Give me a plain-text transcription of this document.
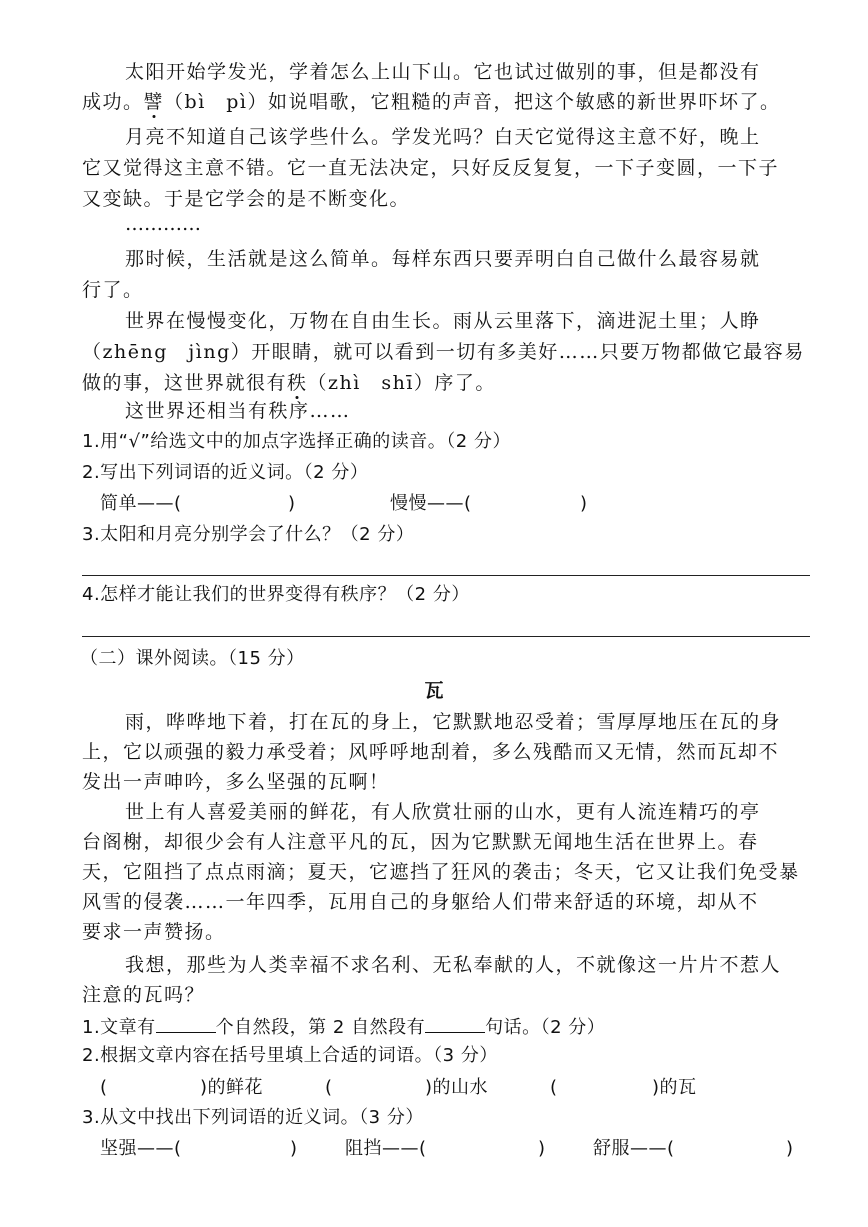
太阳开始学发光，学着怎么上山下山。它也试过做别的事，但是都没有
成功。譬（bì　pì）如说唱歌，它粗糙的声音，把这个敏感的新世界吓坏了。
月亮不知道自己该学些什么。学发光吗？白天它觉得这主意不好，晚上
它又觉得这主意不错。它一直无法决定，只好反反复复，一下子变圆，一下子
又变缺。于是它学会的是不断变化。
…………
那时候，生活就是这么简单。每样东西只要弄明白自己做什么最容易就
行了。
世界在慢慢变化，万物在自由生长。雨从云里落下，滴进泥土里；人睁
（zhēng　jìng）开眼睛，就可以看到一切有多美好……只要万物都做它最容易
做的事，这世界就很有秩（zhì　shī）序了。
这世界还相当有秩序……
1.用“√”给选文中的加点字选择正确的读音。（2 分）
2.写出下列词语的近义词。（2 分）
简单——(	)	慢慢——(	)
3.太阳和月亮分别学会了什么？（2 分）
4.怎样才能让我们的世界变得有秩序？（2 分）
（二）课外阅读。（15 分）
瓦
雨，哗哗地下着，打在瓦的身上，它默默地忍受着；雪厚厚地压在瓦的身
上，它以顽强的毅力承受着；风呼呼地刮着，多么残酷而又无情，然而瓦却不
发出一声呻吟，多么坚强的瓦啊！
世上有人喜爱美丽的鲜花，有人欣赏壮丽的山水，更有人流连精巧的亭
台阁榭，却很少会有人注意平凡的瓦，因为它默默无闻地生活在世界上。春
天，它阻挡了点点雨滴；夏天，它遮挡了狂风的袭击；冬天，它又让我们免受暴
风雪的侵袭……一年四季，瓦用自己的身躯给人们带来舒适的环境，却从不
要求一声赞扬。
我想，那些为人类幸福不求名利、无私奉献的人，不就像这一片片不惹人
注意的瓦吗？
1.文章有	个自然段，第 2 自然段有	句话。（2 分）
2.根据文章内容在括号里填上合适的词语。（3 分）
(	)的鲜花	(	)的山水	(	)的瓦
3.从文中找出下列词语的近义词。（3 分）
坚强——(	)	阻挡——(	)	舒服——(	)
